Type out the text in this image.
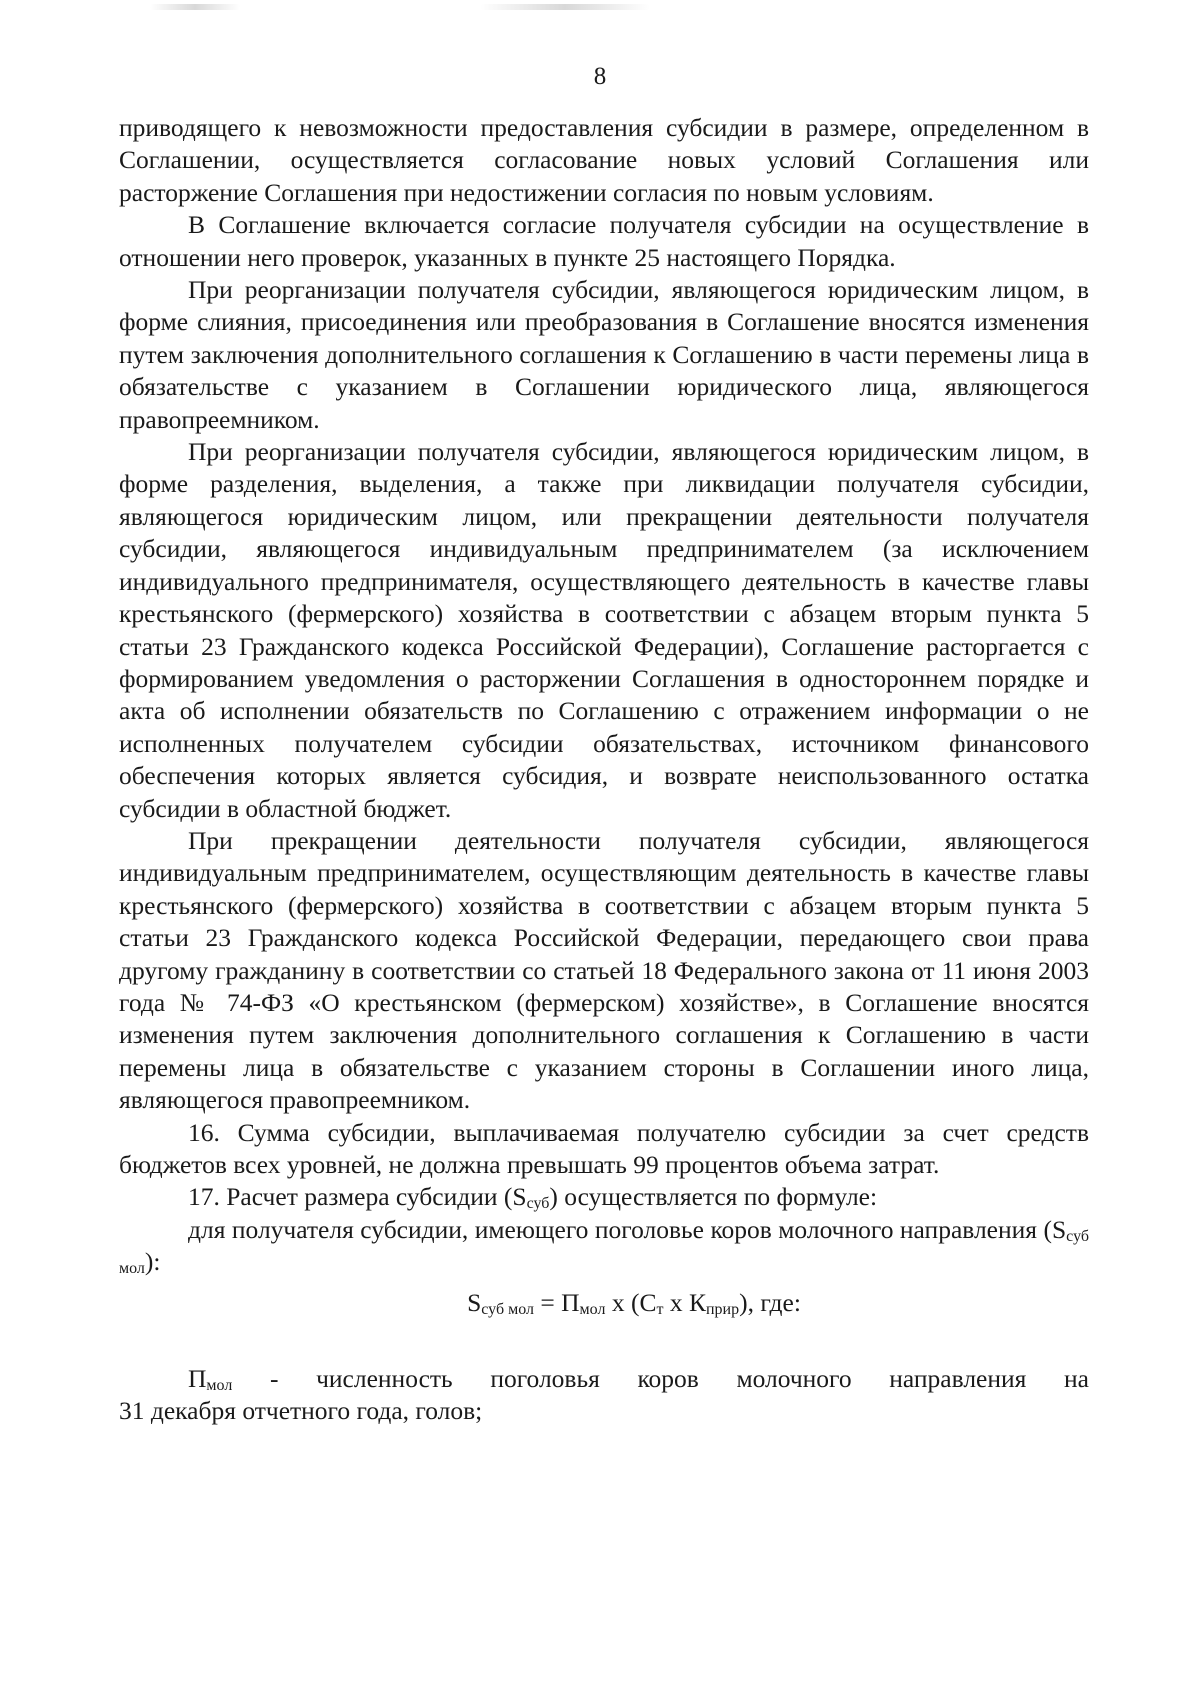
8

приводящего к невозможности предоставления субсидии в размере, определенном в Соглашении, осуществляется согласование новых условий Соглашения или расторжение Соглашения при недостижении согласия по новым условиям.

В Соглашение включается согласие получателя субсидии на осуществление в отношении него проверок, указанных в пункте 25 настоящего Порядка.

При реорганизации получателя субсидии, являющегося юридическим лицом, в форме слияния, присоединения или преобразования в Соглашение вносятся изменения путем заключения дополнительного соглашения к Соглашению в части перемены лица в обязательстве с указанием в Соглашении юридического лица, являющегося правопреемником.

При реорганизации получателя субсидии, являющегося юридическим лицом, в форме разделения, выделения, а также при ликвидации получателя субсидии, являющегося юридическим лицом, или прекращении деятельности получателя субсидии, являющегося индивидуальным предпринимателем (за исключением индивидуального предпринимателя, осуществляющего деятельность в качестве главы крестьянского (фермерского) хозяйства в соответствии с абзацем вторым пункта 5 статьи 23 Гражданского кодекса Российской Федерации), Соглашение расторгается с формированием уведомления о расторжении Соглашения в одностороннем порядке и акта об исполнении обязательств по Соглашению с отражением информации о не исполненных получателем субсидии обязательствах, источником финансового обеспечения которых является субсидия, и возврате неиспользованного остатка субсидии в областной бюджет.

При прекращении деятельности получателя субсидии, являющегося индивидуальным предпринимателем, осуществляющим деятельность в качестве главы крестьянского (фермерского) хозяйства в соответствии с абзацем вторым пункта 5 статьи 23 Гражданского кодекса Российской Федерации, передающего свои права другому гражданину в соответствии со статьей 18 Федерального закона от 11 июня 2003 года № 74-ФЗ «О крестьянском (фермерском) хозяйстве», в Соглашение вносятся изменения путем заключения дополнительного соглашения к Соглашению в части перемены лица в обязательстве с указанием стороны в Соглашении иного лица, являющегося правопреемником.

16. Сумма субсидии, выплачиваемая получателю субсидии за счет средств бюджетов всех уровней, не должна превышать 99 процентов объема затрат.

17. Расчет размера субсидии $(S_{суб})$ осуществляется по формуле:

для получателя субсидии, имеющего поголовье коров молочного направления $(S_{суб мол})$:

$S_{суб мол} = П_{мол}$ x ($С_т$ x $К_{прир}$), где:

$П_{мол}$ - численность поголовья коров молочного направления на

31 декабря отчетного года, голов;
